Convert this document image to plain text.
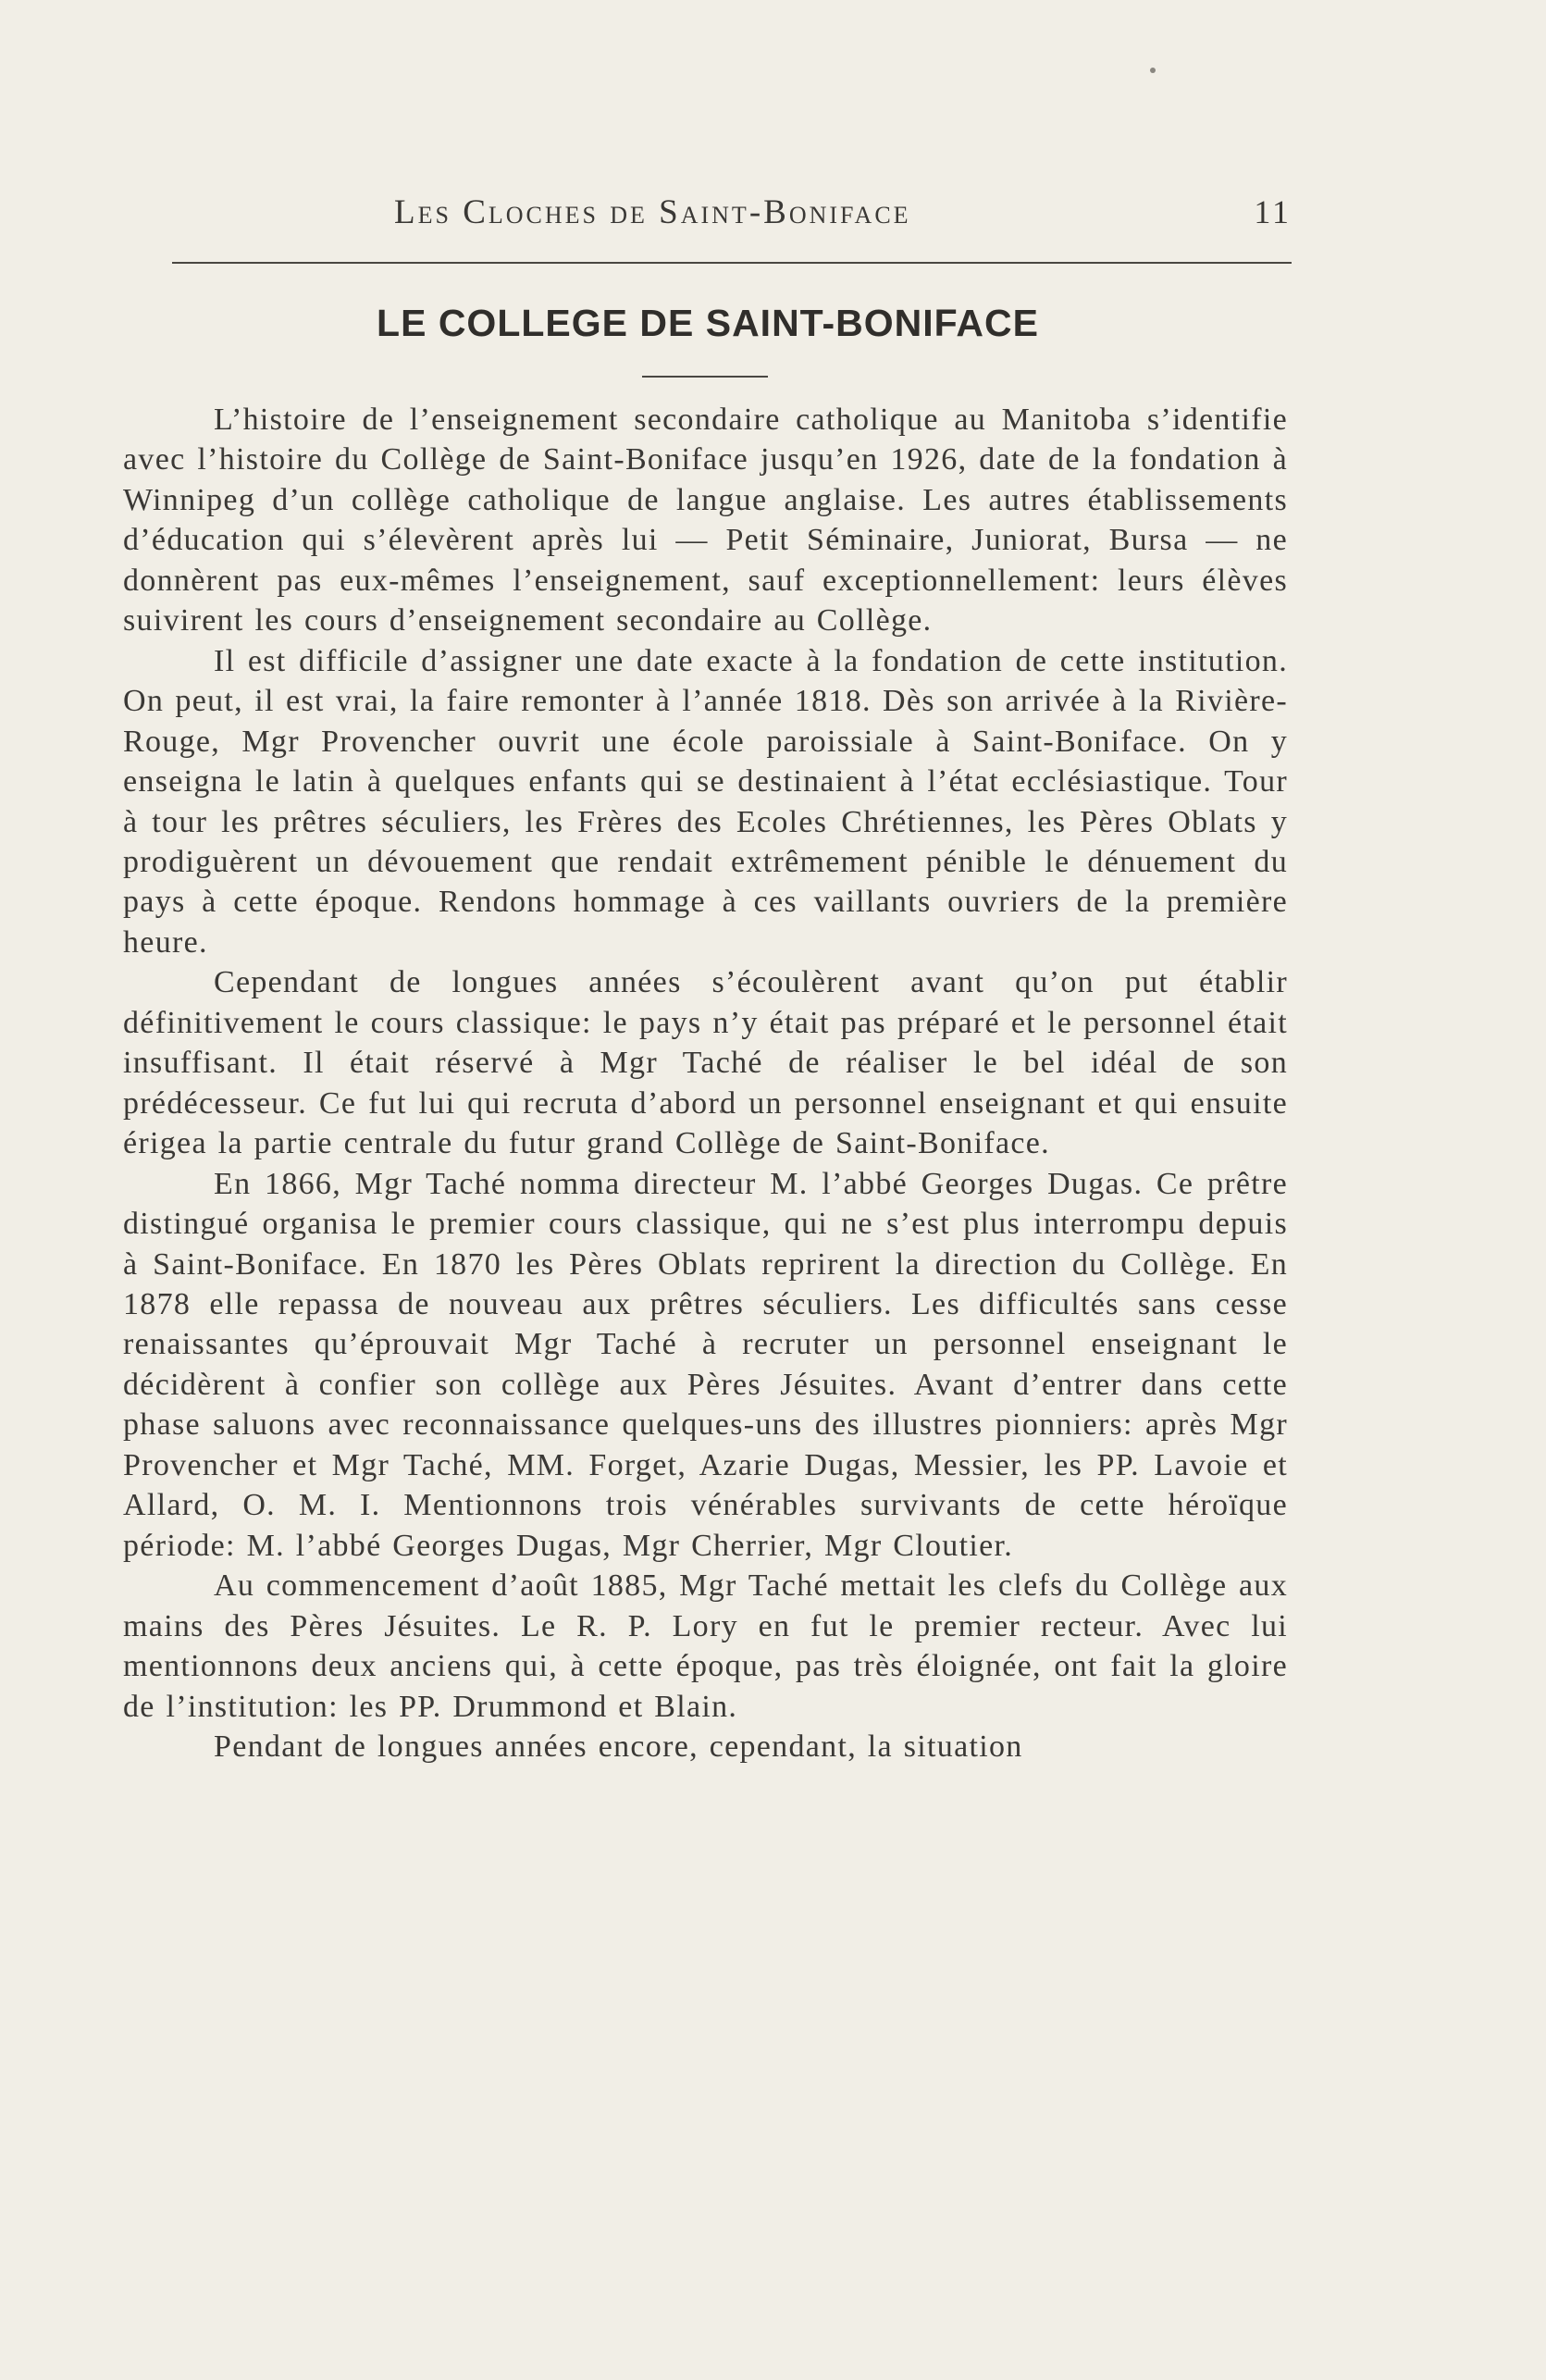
Les Cloches de Saint-Boniface	11
LE COLLEGE DE SAINT-BONIFACE

L’histoire de l’enseignement secondaire catholique au Manitoba s’identifie avec l’histoire du Collège de Saint-Boniface jusqu’en 1926, date de la fondation à Winnipeg d’un collège catholique de langue anglaise. Les autres établissements d’éducation qui s’élevèrent après lui — Petit Séminaire, Juniorat, Bursa — ne donnèrent pas eux-mêmes l’enseignement, sauf exceptionnellement: leurs élèves suivirent les cours d’enseignement secondaire au Collège.

Il est difficile d’assigner une date exacte à la fondation de cette institution. On peut, il est vrai, la faire remonter à l’année 1818. Dès son arrivée à la Rivière-Rouge, Mgr Provencher ouvrit une école paroissiale à Saint-Boniface. On y enseigna le latin à quelques enfants qui se destinaient à l’état ecclésiastique. Tour à tour les prêtres séculiers, les Frères des Ecoles Chrétiennes, les Pères Oblats y prodiguèrent un dévouement que rendait extrêmement pénible le dénuement du pays à cette époque. Rendons hommage à ces vaillants ouvriers de la première heure.

Cependant de longues années s’écoulèrent avant qu’on put établir définitivement le cours classique: le pays n’y était pas préparé et le personnel était insuffisant. Il était réservé à Mgr Taché de réaliser le bel idéal de son prédécesseur. Ce fut lui qui recruta d’abord un personnel enseignant et qui ensuite érigea la partie centrale du futur grand Collège de Saint-Boniface.

En 1866, Mgr Taché nomma directeur M. l’abbé Georges Dugas. Ce prêtre distingué organisa le premier cours classique, qui ne s’est plus interrompu depuis à Saint-Boniface. En 1870 les Pères Oblats reprirent la direction du Collège. En 1878 elle repassa de nouveau aux prêtres séculiers. Les difficultés sans cesse renaissantes qu’éprouvait Mgr Taché à recruter un personnel enseignant le décidèrent à confier son collège aux Pères Jésuites. Avant d’entrer dans cette phase saluons avec reconnaissance quelques-uns des illustres pionniers: après Mgr Provencher et Mgr Taché, MM. Forget, Azarie Dugas, Messier, les PP. Lavoie et Allard, O. M. I. Mentionnons trois vénérables survivants de cette héroïque période: M. l’abbé Georges Dugas, Mgr Cherrier, Mgr Cloutier.

Au commencement d’août 1885, Mgr Taché mettait les clefs du Collège aux mains des Pères Jésuites. Le R. P. Lory en fut le premier recteur. Avec lui mentionnons deux anciens qui, à cette époque, pas très éloignée, ont fait la gloire de l’institution: les PP. Drummond et Blain.

Pendant de longues années encore, cependant, la situation
